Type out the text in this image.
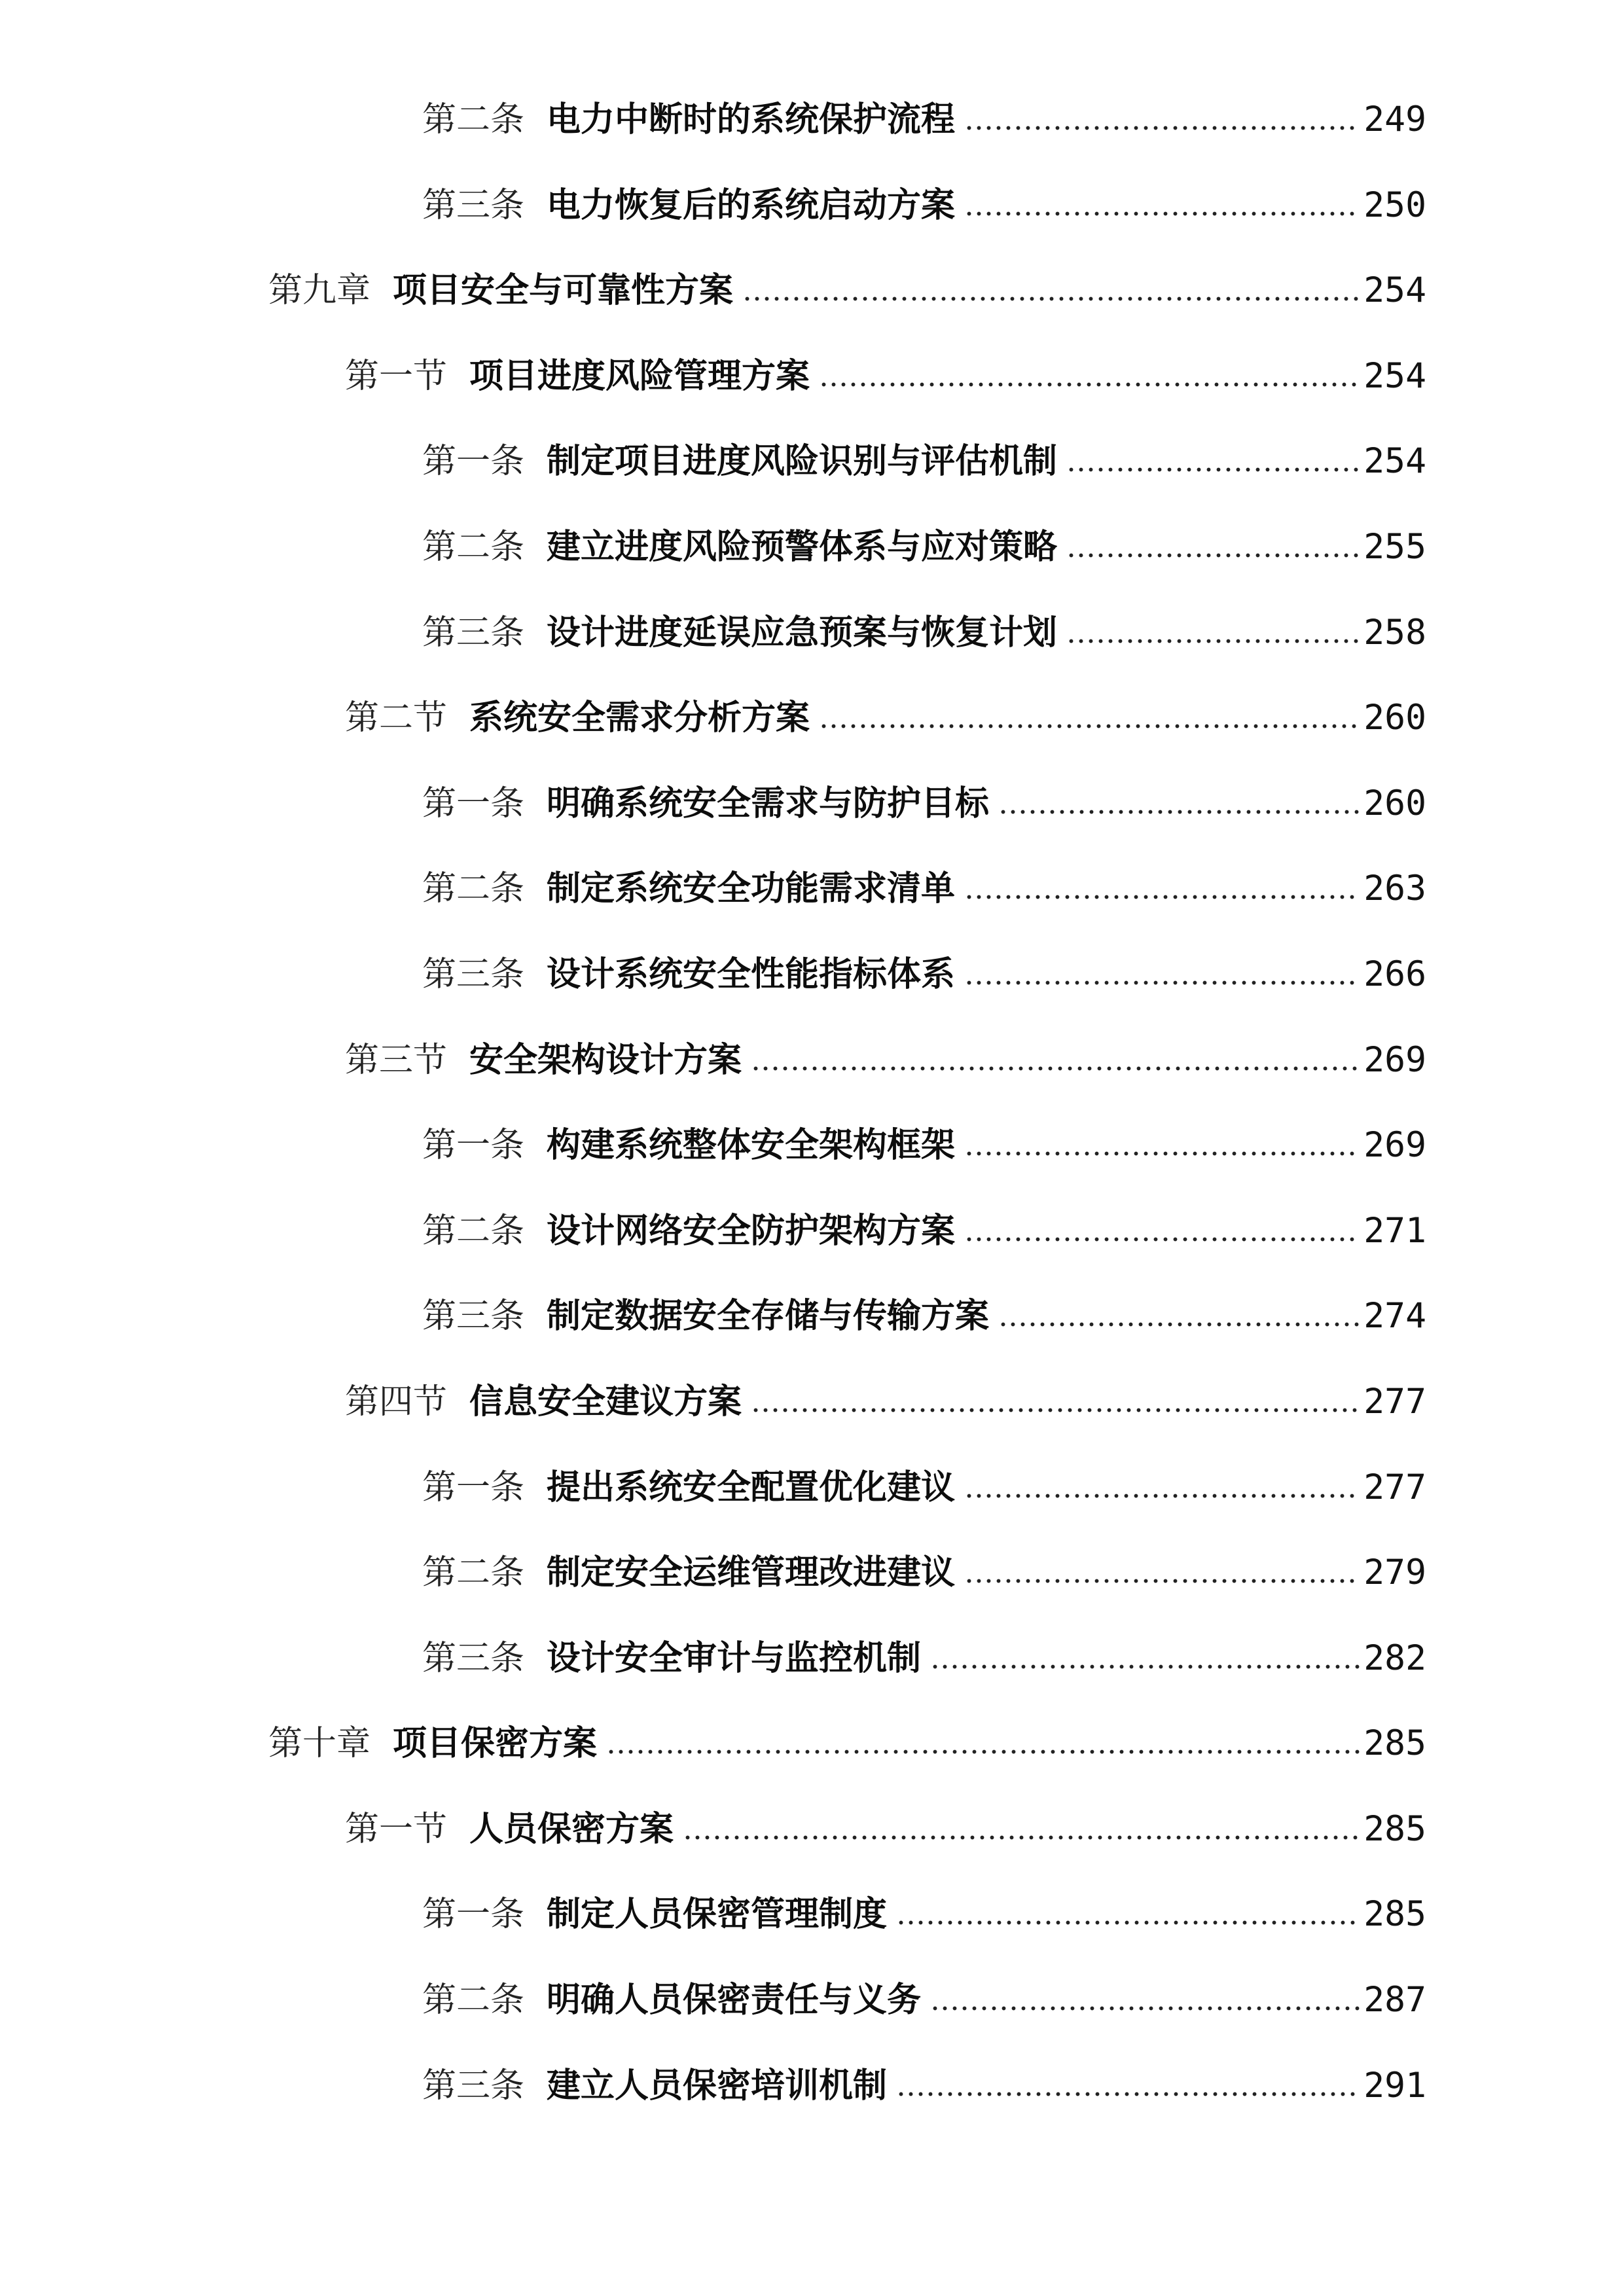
第二条 电力中断时的系统保护流程	249
第三条 电力恢复后的系统启动方案	250
第九章 项目安全与可靠性方案	254
第一节 项目进度风险管理方案	254
第一条 制定项目进度风险识别与评估机制	254
第二条 建立进度风险预警体系与应对策略	255
第三条 设计进度延误应急预案与恢复计划	258
第二节 系统安全需求分析方案	260
第一条 明确系统安全需求与防护目标	260
第二条 制定系统安全功能需求清单	263
第三条 设计系统安全性能指标体系	266
第三节 安全架构设计方案	269
第一条 构建系统整体安全架构框架	269
第二条 设计网络安全防护架构方案	271
第三条 制定数据安全存储与传输方案	274
第四节 信息安全建议方案	277
第一条 提出系统安全配置优化建议	277
第二条 制定安全运维管理改进建议	279
第三条 设计安全审计与监控机制	282
第十章 项目保密方案	285
第一节 人员保密方案	285
第一条 制定人员保密管理制度	285
第二条 明确人员保密责任与义务	287
第三条 建立人员保密培训机制	291
